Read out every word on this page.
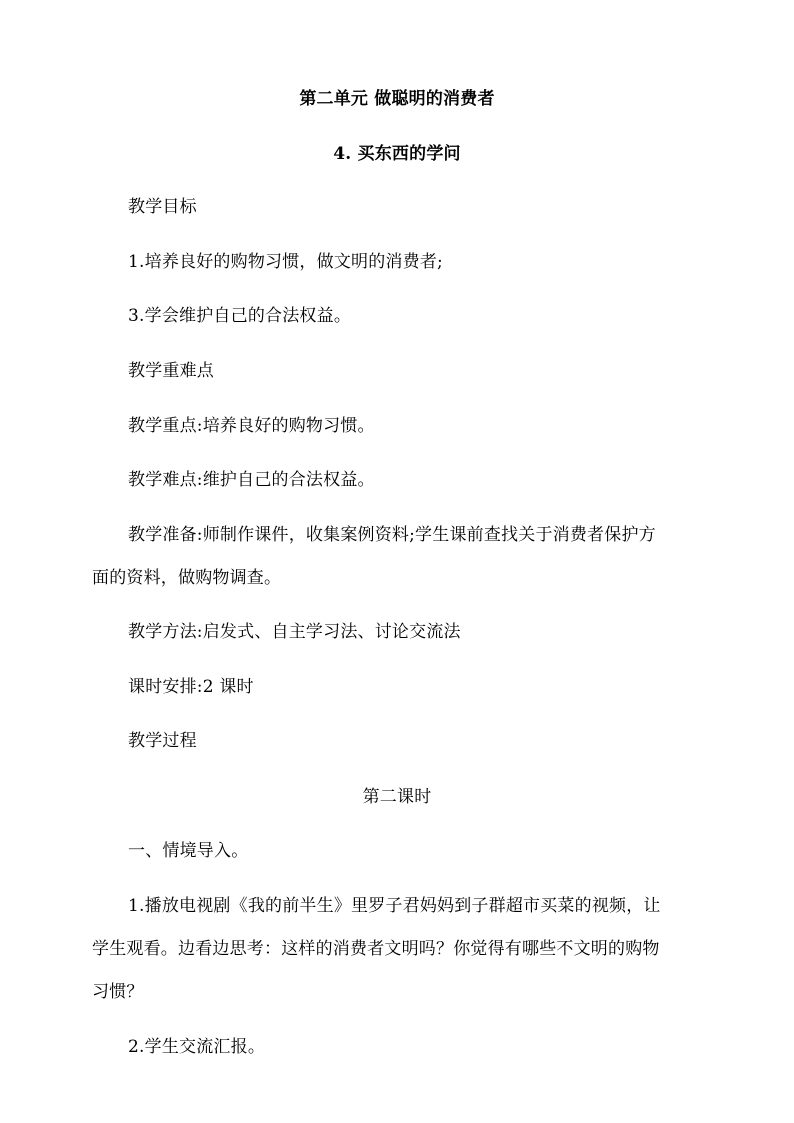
第二单元 做聪明的消费者
4. 买东西的学问
教学目标
1.培养良好的购物习惯，做文明的消费者;
3.学会维护自己的合法权益。
教学重难点
教学重点:培养良好的购物习惯。
教学难点:维护自己的合法权益。
教学准备:师制作课件，收集案例资料;学生课前查找关于消费者保护方
面的资料，做购物调查。
教学方法:启发式、自主学习法、讨论交流法
课时安排:2 课时
教学过程
第二课时
一、情境导入。
1.播放电视剧《我的前半生》里罗子君妈妈到子群超市买菜的视频，让
学生观看。边看边思考：这样的消费者文明吗？你觉得有哪些不文明的购物
习惯？
2.学生交流汇报。
